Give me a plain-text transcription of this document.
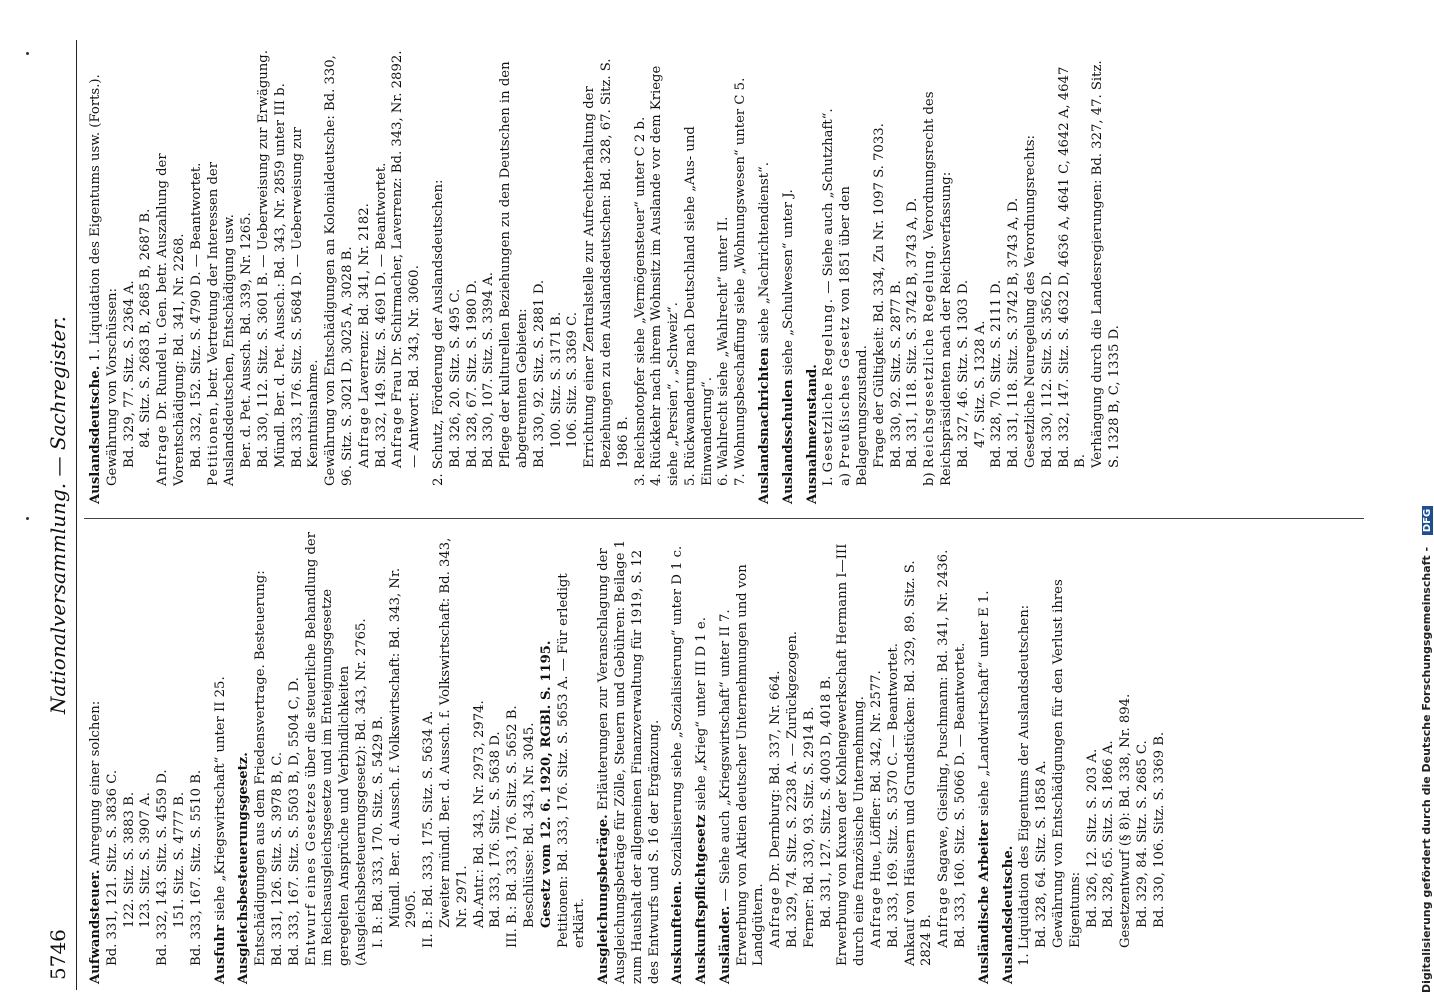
5746
Nationalversammlung. — Sachregister.
Aufwandsteuer. Anregung einer solchen: Bd. 331, 121. Sitz. S. 3836 C. 122. Sitz. S. 3883 B. 123. Sitz. S. 3907 A. Bd. 332, 143. Sitz. S. 4559 D. 151. Sitz. S. 4777 B. Bd. 333, 167. Sitz. S. 5510 B. Ausfuhr siehe „Kriegswirtschaft“ unter II 25. Ausgleichsbesteuerungsgesetz. Entschädigungen aus dem Friedensvertrage. Besteuerung: Bd. 331, 126. Sitz. S. 3978 B, C. Bd. 333, 167. Sitz. S. 5503 B, D, 5504 C, D. Entwurf eines Gesetzes über die steuerliche Behandlung der im Reichsausgleichsgesetze und im Enteignungsgesetze geregelten Ansprüche und Verbindlichkeiten (Ausgleichsbesteuerungsgesetz): Bd. 343, Nr. 2765. I. B.: Bd. 333, 170. Sitz. S. 5429 B. Mündl. Ber. d. Aussch. f. Volkswirtschaft: Bd. 343, Nr. 2905. II. B.: Bd. 333, 175. Sitz. S. 5634 A. Zweiter mündl. Ber. d. Aussch. f. Volkswirtschaft: Bd. 343, Nr. 2971. Ab.Antr.: Bd. 343, Nr. 2973, 2974. Bd. 333, 176. Sitz. S. 5638 D. III. B.: Bd. 333, 176. Sitz. S. 5652 B. Beschlüsse: Bd. 343, Nr. 3045. Gesetz vom 12. 6. 1920, RGBl. S. 1195. Petitionen: Bd. 333, 176. Sitz. S. 5653 A. — Für erledigt erklärt. Ausgleichungsbeträge. Erläuterungen zur Veranschlagung der Ausgleichungsbeträge für Zölle, Steuern und Gebühren: Beilage 1 zum Haushalt der allgemeinen Finanzverwaltung für 1919, S. 12 des Entwurfs und S. 16 der Ergänzung. Auskunfteien. Sozialisierung siehe „Sozialisierung“ unter D 1 c.
Auskunftspflichtgesetz siehe „Krieg“ unter III D 1 e.
Ausländer. — Siehe auch „Kriegswirtschaft“ unter II 7. Erwerbung von Aktien deutscher Unternehmungen und von Landgütern. Anfrage Dr. Dernburg: Bd. 337, Nr. 664. Bd. 329, 74. Sitz. S. 2238 A. — Zurückgezogen. Ferner: Bd. 330, 93. Sitz. S. 2914 B. Bd. 331, 127. Sitz. S. 4003 D, 4018 B. Erwerbung von Kuxen der Kohlengewerkschaft Hermann I—III durch eine französische Unternehmung. Anfrage Hue, Löffler: Bd. 342, Nr. 2577. Bd. 333, 169. Sitz. S. 5370 C. — Beantwortet. Ankauf von Häusern und Grundstücken: Bd. 329, 89. Sitz. S. 2824 B. Anfrage Sagawe, Giesling, Puschmann: Bd. 341, Nr. 2436. Bd. 333, 160. Sitz. S. 5066 D. — Beantwortet. Ausländische Arbeiter siehe „Landwirtschaft“ unter E 1.
Auslandsdeutsche. 1. Liquidation des Eigentums der Auslandsdeutschen: Bd. 328, 64. Sitz. S. 1858 A. Gewährung von Entschädigungen für den Verlust ihres Eigentums: Bd. 326, 12. Sitz. S. 203 A. Bd. 328, 65. Sitz. S. 1866 A. Gesetzentwurf (§ 8): Bd. 338, Nr. 894. Bd. 329, 84. Sitz. S. 2685 C. Bd. 330, 106. Sitz. S. 3369 B.
Auslandsdeutsche. 1. Liquidation des Eigentums usw. (Forts.).
Gewährung von Vorschüssen: Bd. 329, 77. Sitz. S. 2364 A. 84. Sitz. S. 2683 B, 2685 B, 2687 B.
Anfrage Dr. Rundel u. Gen. betr. Auszahlung der Vorentschädigung: Bd. 341, Nr. 2268. Bd. 332, 152. Sitz. S. 4790 D. — Beantwortet. Petitionen, betr. Vertretung der Interessen der Auslandsdeutschen, Entschädigung usw. Ber. d. Pet. Aussch. Bd. 339, Nr. 1265. Bd. 330, 112. Sitz. S. 3601 B. — Ueberweisung zur Erwägung. Mündl. Ber. d. Pet. Aussch.: Bd. 343, Nr. 2859 unter III b. Bd. 333, 176. Sitz. S. 5684 D. — Ueberweisung zur Kenntnisnahme. Gewährung von Entschädigungen an Kolonialdeutsche: Bd. 330, 96. Sitz. S. 3021 D, 3025 A, 3028 B. Anfrage Laverrenz: Bd. 341, Nr. 2182. Bd. 332, 149. Sitz. S. 4691 D. — Beantwortet. Anfrage Frau Dr. Schirmacher, Laverrenz: Bd. 343, Nr. 2892. — Antwort: Bd. 343, Nr. 3060. 2. Schutz, Förderung der Auslandsdeutschen: Bd. 326, 20. Sitz. S. 495 C. Bd. 328, 67. Sitz. S. 1980 D. Bd. 330, 107. Sitz. S. 3394 A. Pflege der kulturellen Beziehungen zu den Deutschen in den abgetrennten Gebieten: Bd. 330, 92. Sitz. S. 2881 D. 100. Sitz. S. 3171 B. 106. Sitz. S. 3369 C. Errichtung einer Zentralstelle zur Aufrechterhaltung der Beziehungen zu den Auslandsdeutschen: Bd. 328, 67. Sitz. S. 1986 B. 3. Reichsnotopfer siehe „Vermögensteuer“ unter C 2 b. 4. Rückkehr nach ihrem Wohnsitz im Auslande vor dem Kriege siehe „Persien“, „Schweiz“. 5. Rückwanderung nach Deutschland siehe „Aus- und Einwanderung“. 6. Wahlrecht siehe „Wahlrecht“ unter II. 7. Wohnungsbeschaffung siehe „Wohnungswesen“ unter C 5. Auslandsnachrichten siehe „Nachrichtendienst“.
Auslandsschulen siehe „Schulwesen“ unter J.
Ausnahmezustand. I. Gesetzliche Regelung. — Siehe auch „Schutzhaft“.
a) Preußisches Gesetz von 1851 über den Belagerungszustand. Frage der Gültigkeit: Bd. 334, Zu Nr. 1097 S. 7033. Bd. 330, 92. Sitz. S. 2877 B. Bd. 331, 118. Sitz. S. 3742 B, 3743 A, D.
b) Reichsgesetzliche Regelung. Verordnungsrecht des Reichspräsidenten nach der Reichsverfassung: Bd. 327, 46. Sitz. S. 1303 D. 47. Sitz. S. 1328 A. Bd. 328, 70. Sitz. S. 2111 D. Bd. 331, 118. Sitz. S. 3742 B, 3743 A, D. Gesetzliche Neuregelung des Verordnungsrechts: Bd. 330, 112. Sitz. S. 3562 D. Bd. 332, 147. Sitz. S. 4632 D, 4636 A, 4641 C, 4642 A, 4647 B. Verhängung durch die Landesregierungen: Bd. 327, 47. Sitz. S. 1328 B, C, 1335 D.
Digitalisierung gefördert durch die Deutsche Forschungsgemeinschaft - DFG
